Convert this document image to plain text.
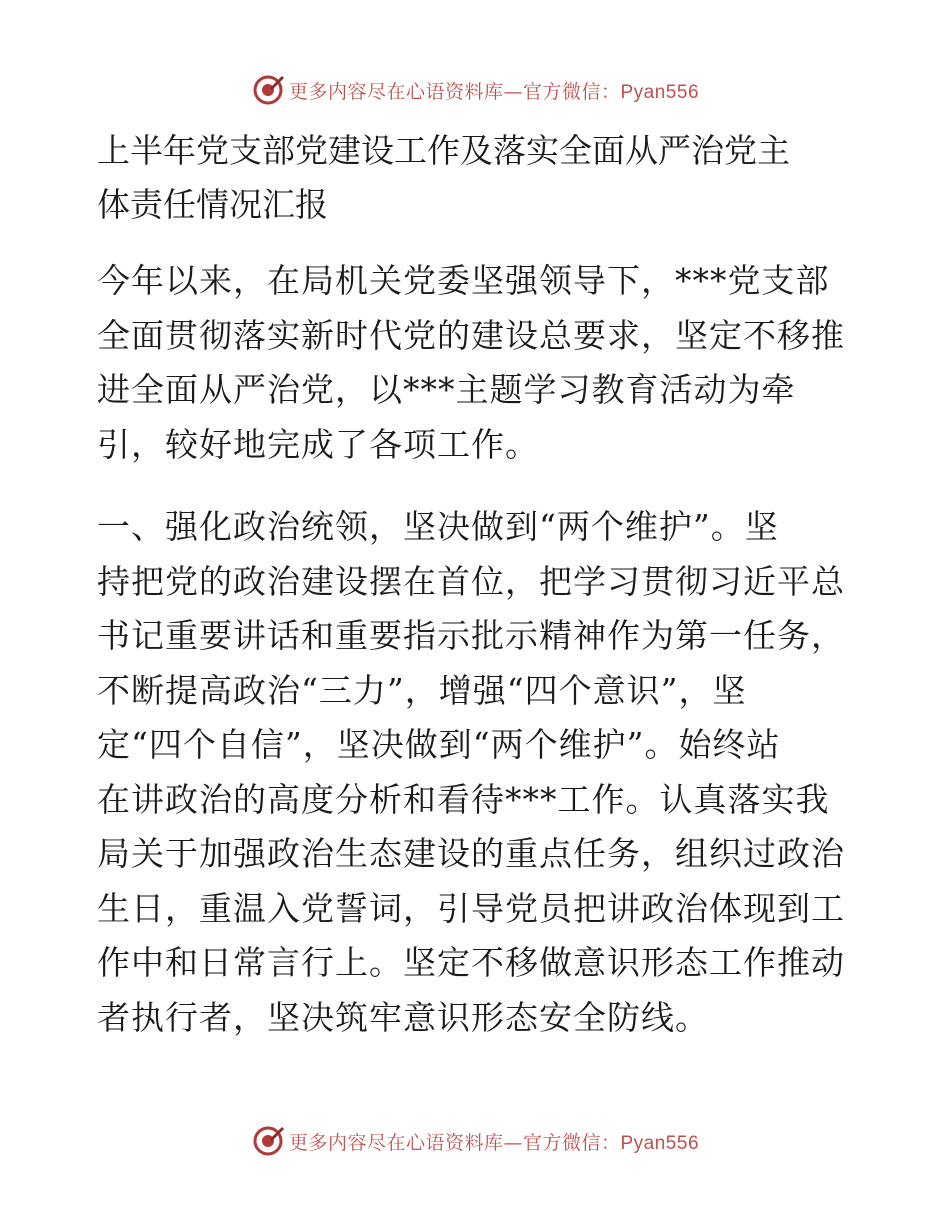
更多内容尽在心语资料库—官方微信：Pyan556
上半年党支部党建设工作及落实全面从严治党主
体责任情况汇报

今年以来，在局机关党委坚强领导下，***党支部
全面贯彻落实新时代党的建设总要求，坚定不移推
进全面从严治党，以***主题学习教育活动为牵
引，较好地完成了各项工作。

一、强化政治统领，坚决做到“两个维护”。坚
持把党的政治建设摆在首位，把学习贯彻习近平总
书记重要讲话和重要指示批示精神作为第一任务，
不断提高政治“三力”，增强“四个意识”，坚
定“四个自信”，坚决做到“两个维护”。始终站
在讲政治的高度分析和看待***工作。认真落实我
局关于加强政治生态建设的重点任务，组织过政治
生日，重温入党誓词，引导党员把讲政治体现到工
作中和日常言行上。坚定不移做意识形态工作推动
者执行者，坚决筑牢意识形态安全防线。

更多内容尽在心语资料库—官方微信：Pyan556
